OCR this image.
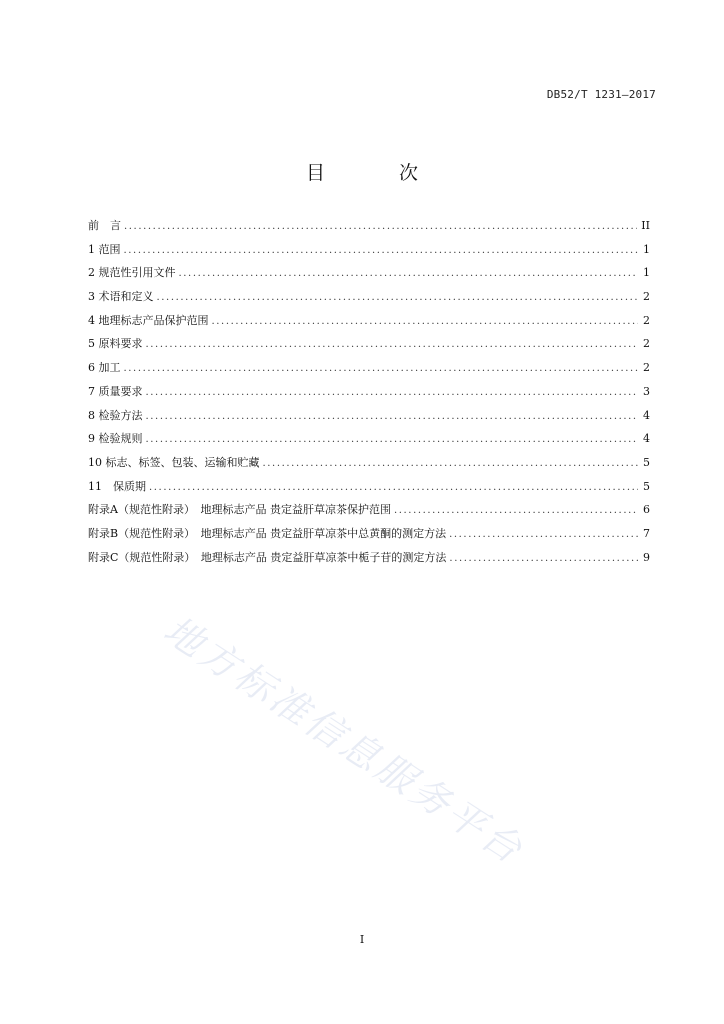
DB52/T 1231—2017
目 次
前　言 .....	II
1 范围 .....	1
2 规范性引用文件 .....	1
3 术语和定义 .....	2
4 地理标志产品保护范围 .....	2
5 原料要求 .....	2
6 加工 .....	2
7 质量要求 .....	3
8 检验方法 .....	4
9 检验规则 .....	4
10 标志、标签、包装、运输和贮藏 .....	5
11　保质期 .....	5
附录A（规范性附录）　地理标志产品 贵定益肝草凉茶保护范围 .....	6
附录B（规范性附录）　地理标志产品 贵定益肝草凉茶中总黄酮的测定方法 .....	7
附录C（规范性附录）　地理标志产品 贵定益肝草凉茶中栀子苷的测定方法 .....	9
地方标准信息服务平台
I
